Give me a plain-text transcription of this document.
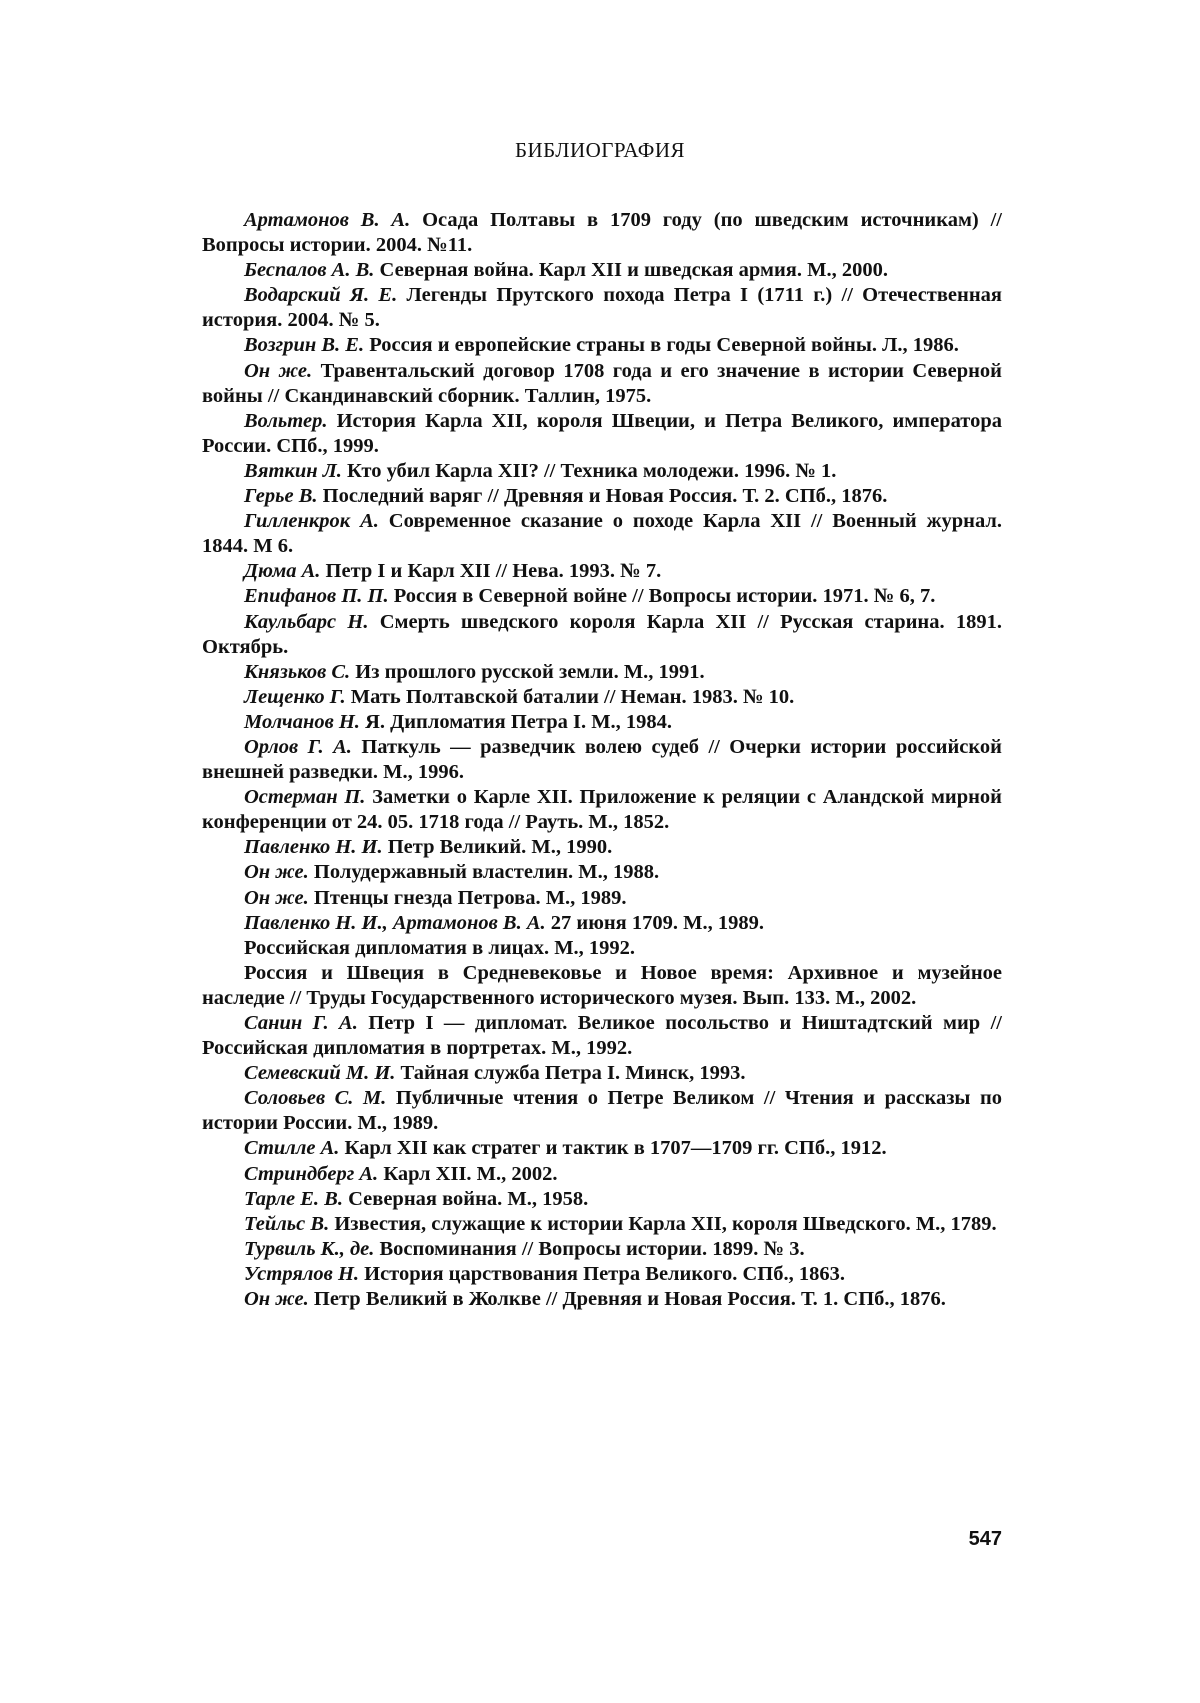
БИБЛИОГРАФИЯ
Артамонов В. А. Осада Полтавы в 1709 году (по шведским источникам) // Вопросы истории. 2004. №11.
Беспалов А. В. Северная война. Карл XII и шведская армия. М., 2000.
Водарский Я. Е. Легенды Прутского похода Петра I (1711 г.) // Отечественная история. 2004. № 5.
Возгрин В. Е. Россия и европейские страны в годы Северной войны. Л., 1986.
Он же. Травентальский договор 1708 года и его значение в истории Северной войны // Скандинавский сборник. Таллин, 1975.
Вольтер. История Карла XII, короля Швеции, и Петра Великого, императора России. СПб., 1999.
Вяткин Л. Кто убил Карла XII? // Техника молодежи. 1996. № 1.
Герье В. Последний варяг // Древняя и Новая Россия. Т. 2. СПб., 1876.
Гилленкрок А. Современное сказание о походе Карла XII // Военный журнал. 1844. М 6.
Дюма А. Петр I и Карл XII // Нева. 1993. № 7.
Епифанов П. П. Россия в Северной войне // Вопросы истории. 1971. № 6, 7.
Каульбарс Н. Смерть шведского короля Карла XII // Русская старина. 1891. Октябрь.
Князьков С. Из прошлого русской земли. М., 1991.
Лещенко Г. Мать Полтавской баталии // Неман. 1983. № 10.
Молчанов Н. Я. Дипломатия Петра I. М., 1984.
Орлов Г. А. Паткуль — разведчик волею судеб // Очерки истории российской внешней разведки. М., 1996.
Остерман П. Заметки о Карле XII. Приложение к реляции с Аландской мирной конференции от 24. 05. 1718 года // Рауть. М., 1852.
Павленко Н. И. Петр Великий. М., 1990.
Он же. Полудержавный властелин. М., 1988.
Он же. Птенцы гнезда Петрова. М., 1989.
Павленко Н. И., Артамонов В. А. 27 июня 1709. М., 1989.
Российская дипломатия в лицах. М., 1992.
Россия и Швеция в Средневековье и Новое время: Архивное и музейное наследие // Труды Государственного исторического музея. Вып. 133. М., 2002.
Санин Г. А. Петр I — дипломат. Великое посольство и Ништадтский мир // Российская дипломатия в портретах. М., 1992.
Семевский М. И. Тайная служба Петра I. Минск, 1993.
Соловьев С. М. Публичные чтения о Петре Великом // Чтения и рассказы по истории России. М., 1989.
Стилле А. Карл XII как стратег и тактик в 1707—1709 гг. СПб., 1912.
Стриндберг А. Карл XII. М., 2002.
Тарле Е. В. Северная война. М., 1958.
Тейльс В. Известия, служащие к истории Карла XII, короля Шведского. М., 1789.
Турвиль К., де. Воспоминания // Вопросы истории. 1899. № 3.
Устрялов Н. История царствования Петра Великого. СПб., 1863.
Он же. Петр Великий в Жолкве // Древняя и Новая Россия. Т. 1. СПб., 1876.
547
